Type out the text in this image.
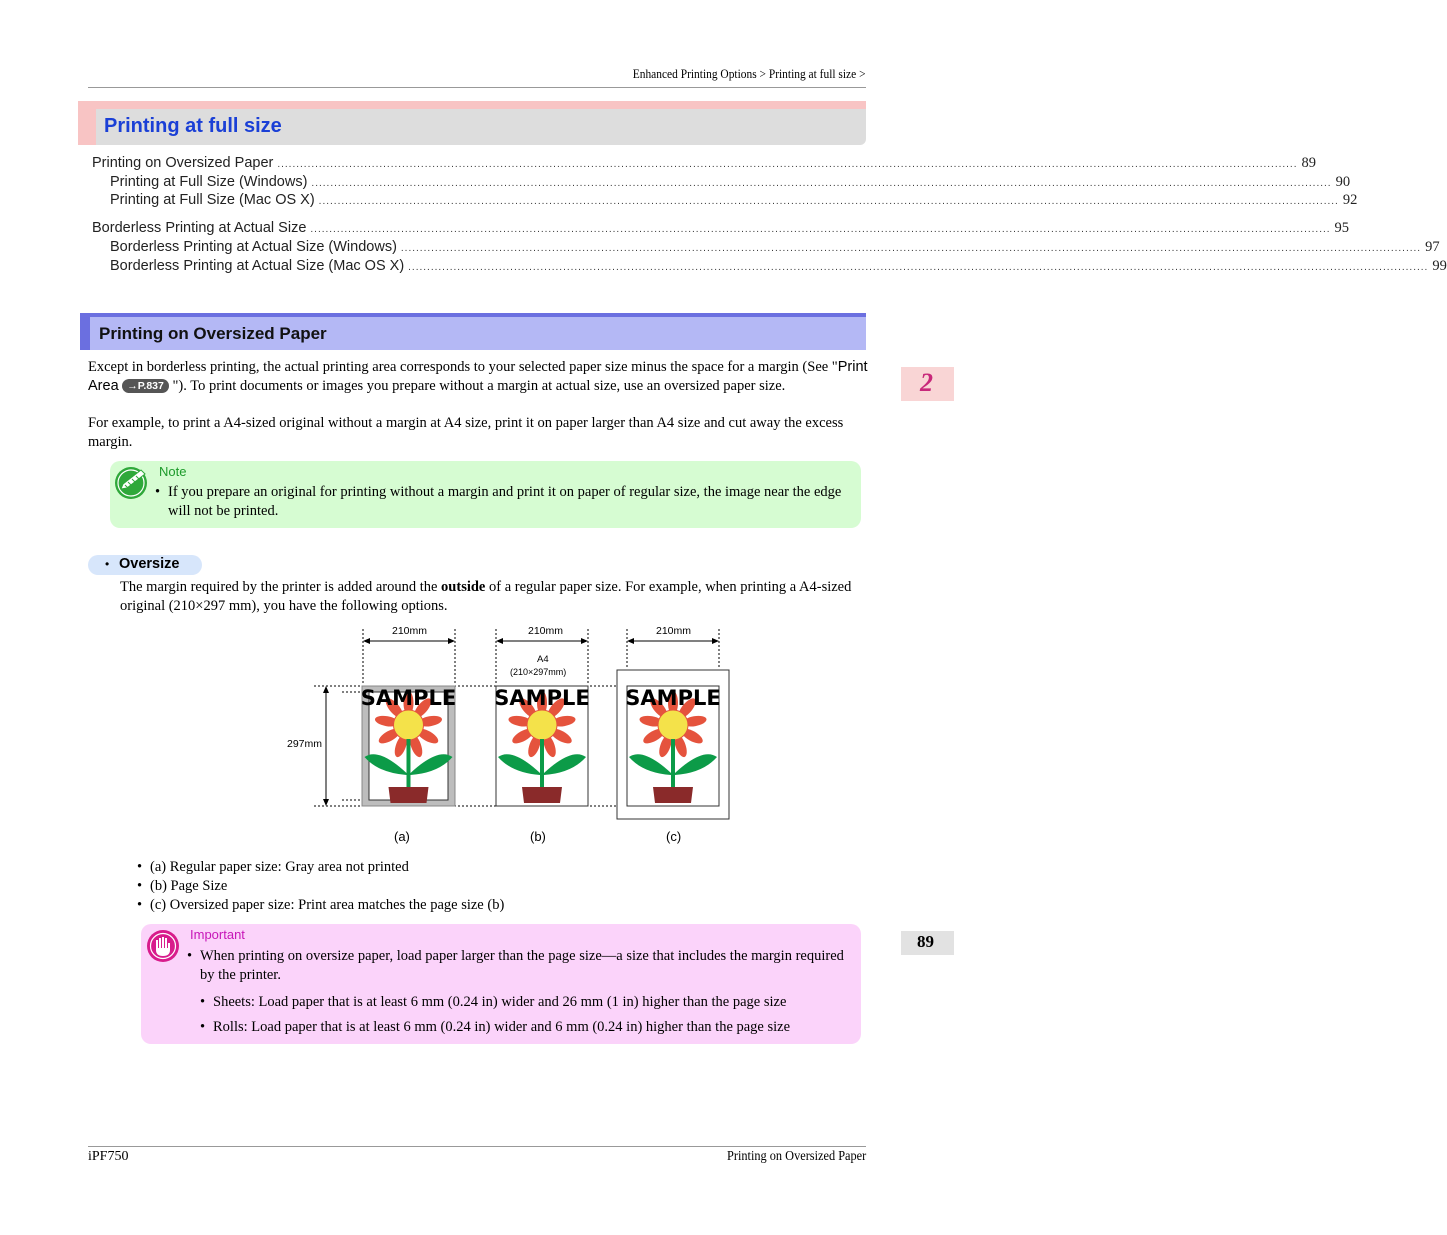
Enhanced Printing Options > Printing at full size >
Printing at full size
Printing on Oversized Paper .............................................................................................................................................................................................................................................................................. 89
Printing at Full Size (Windows) .............................................................................................................................................................................................................................................................................. 90
Printing at Full Size (Mac OS X) .............................................................................................................................................................................................................................................................................. 92
Borderless Printing at Actual Size .............................................................................................................................................................................................................................................................................. 95
Borderless Printing at Actual Size (Windows) .............................................................................................................................................................................................................................................................................. 97
Borderless Printing at Actual Size (Mac OS X) .............................................................................................................................................................................................................................................................................. 99
Printing on Oversized Paper
Except in borderless printing, the actual printing area corresponds to your selected paper size minus the space for a margin (See "Print Area →P.837 "). To print documents or images you prepare without a margin at actual size, use an oversized paper size.
For example, to print a A4-sized original without a margin at A4 size, print it on paper larger than A4 size and cut away the excess margin.
Note
• If you prepare an original for printing without a margin and print it on paper of regular size, the image near the edge will not be printed.
• Oversize
The margin required by the printer is added around the outside of a regular paper size. For example, when printing a A4-sized original (210×297 mm), you have the following options.
210mm	210mm	210mm
297mm
A4
(210×297mm)
SAMPLE SAMPLE SAMPLE
(a)	(b)	(c)
• (a) Regular paper size: Gray area not printed
• (b) Page Size
• (c) Oversized paper size: Print area matches the page size (b)
Important
• When printing on oversize paper, load paper larger than the page size—a size that includes the margin required by the printer.
• Sheets: Load paper that is at least 6 mm (0.24 in) wider and 26 mm (1 in) higher than the page size
• Rolls: Load paper that is at least 6 mm (0.24 in) wider and 6 mm (0.24 in) higher than the page size
2
89
iPF750	Printing on Oversized Paper
